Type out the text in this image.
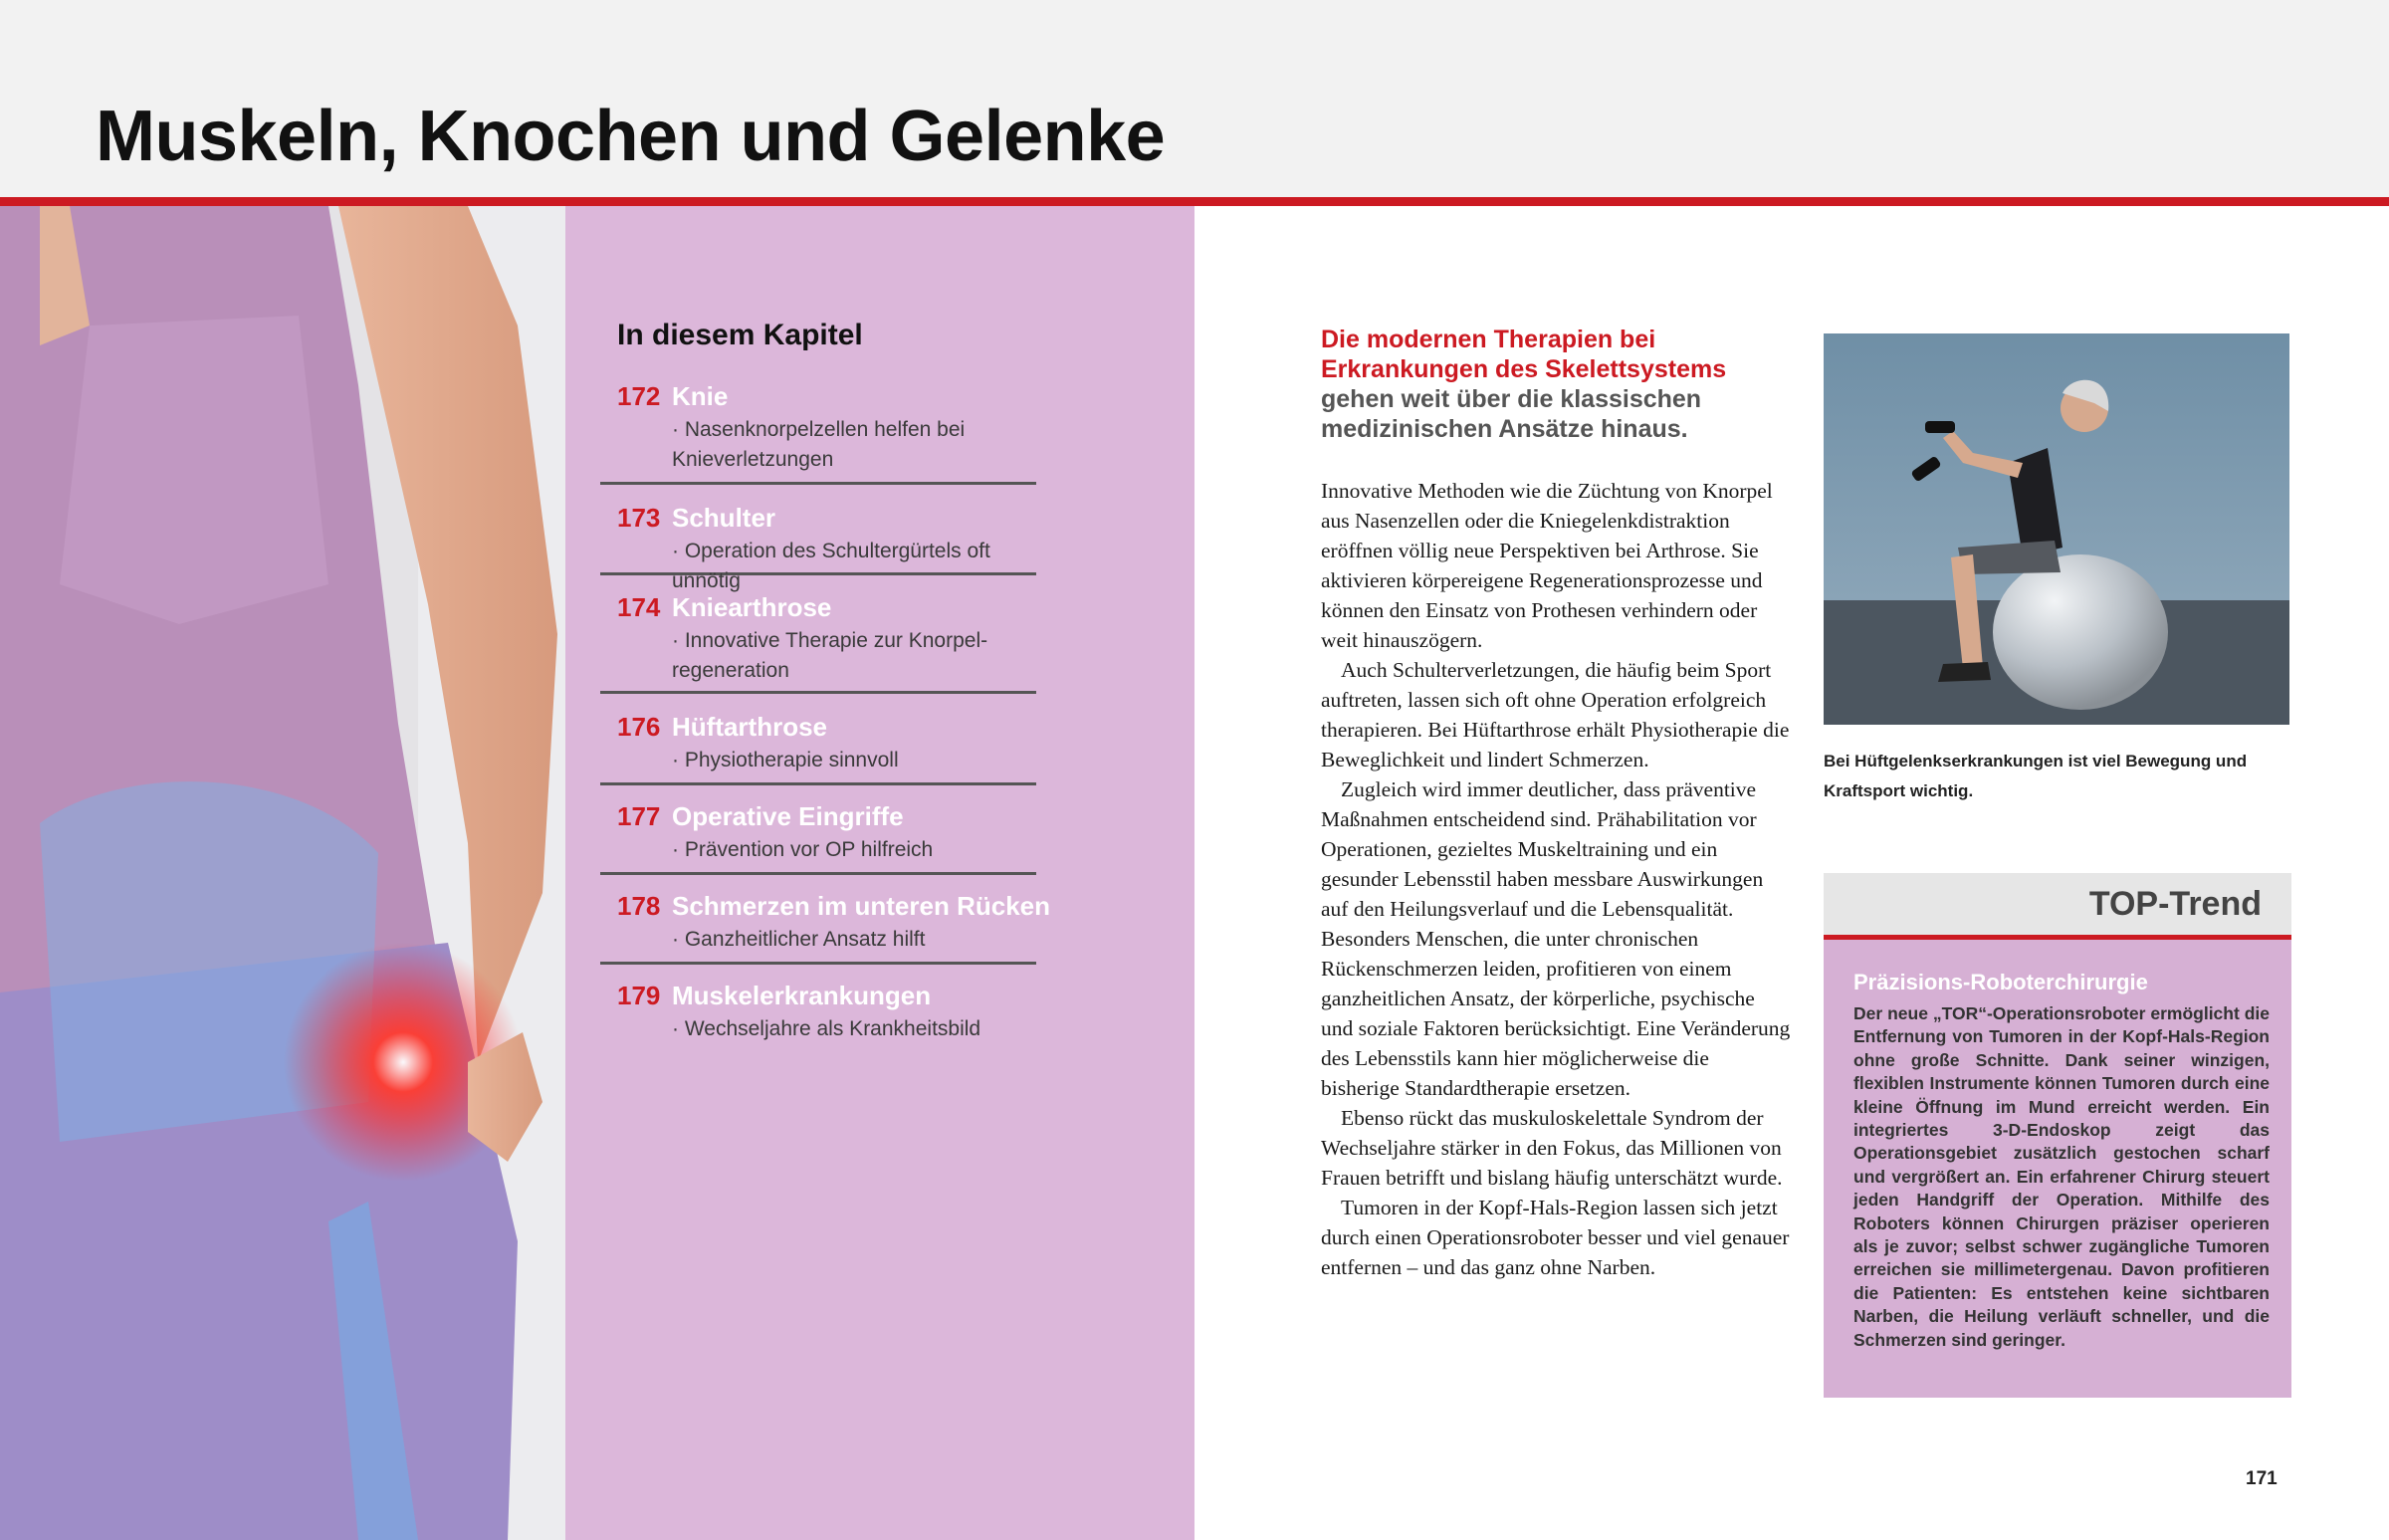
Muskeln, Knochen und Gelenke
In diesem Kapitel
172 Knie
· Nasenknorpelzellen helfen bei Knieverletzungen
173 Schulter
· Operation des Schultergürtels oft unnötig
174 Kniearthrose
· Innovative Therapie zur Knorpel-regeneration
176 Hüftarthrose
· Physiotherapie sinnvoll
177 Operative Eingriffe
· Prävention vor OP hilfreich
178 Schmerzen im unteren Rücken
· Ganzheitlicher Ansatz hilft
179 Muskelerkrankungen
· Wechseljahre als Krankheitsbild

Die modernen Therapien bei Erkrankungen des Skelettsystems gehen weit über die klassischen medizinischen Ansätze hinaus.

Innovative Methoden wie die Züchtung von Knorpel aus Nasenzellen oder die Kniegelenkdistraktion eröffnen völlig neue Perspektiven bei Arthrose. Sie aktivieren körpereigene Regenerationsprozesse und können den Einsatz von Prothesen verhindern oder weit hinauszögern.

Auch Schulterverletzungen, die häufig beim Sport auftreten, lassen sich oft ohne Operation erfolgreich therapieren. Bei Hüftarthrose erhält Physiotherapie die Beweglichkeit und lindert Schmerzen.

Zugleich wird immer deutlicher, dass präventive Maßnahmen entscheidend sind. Prähabilitation vor Operationen, gezieltes Muskeltraining und ein gesunder Lebensstil haben messbare Auswirkungen auf den Heilungsverlauf und die Lebensqualität. Besonders Menschen, die unter chronischen Rückenschmerzen leiden, profitieren von einem ganzheitlichen Ansatz, der körperliche, psychische und soziale Faktoren berücksichtigt. Eine Veränderung des Lebensstils kann hier möglicherweise die bisherige Standardtherapie ersetzen.

Ebenso rückt das muskuloskelettale Syndrom der Wechseljahre stärker in den Fokus, das Millionen von Frauen betrifft und bislang häufig unterschätzt wurde.

Tumoren in der Kopf-Hals-Region lassen sich jetzt durch einen Operationsroboter besser und viel genauer entfernen – und das ganz ohne Narben.

Bei Hüftgelenkserkrankungen ist viel Bewegung und Kraftsport wichtig.

TOP-Trend
Präzisions-Roboterchirurgie

Der neue „TOR“-Operationsroboter ermöglicht die Entfernung von Tumoren in der Kopf-Hals-Region ohne große Schnitte. Dank seiner winzigen, flexiblen Instrumente können Tumoren durch eine kleine Öffnung im Mund erreicht werden. Ein integriertes 3-D-Endoskop zeigt das Operationsgebiet zusätzlich gestochen scharf und vergrößert an. Ein erfahrener Chirurg steuert jeden Handgriff der Operation. Mithilfe des Roboters können Chirurgen präziser operieren als je zuvor; selbst schwer zugängliche Tumoren erreichen sie millimetergenau. Davon profitieren die Patienten: Es entstehen keine sichtbaren Narben, die Heilung verläuft schneller, und die Schmerzen sind geringer.

171
